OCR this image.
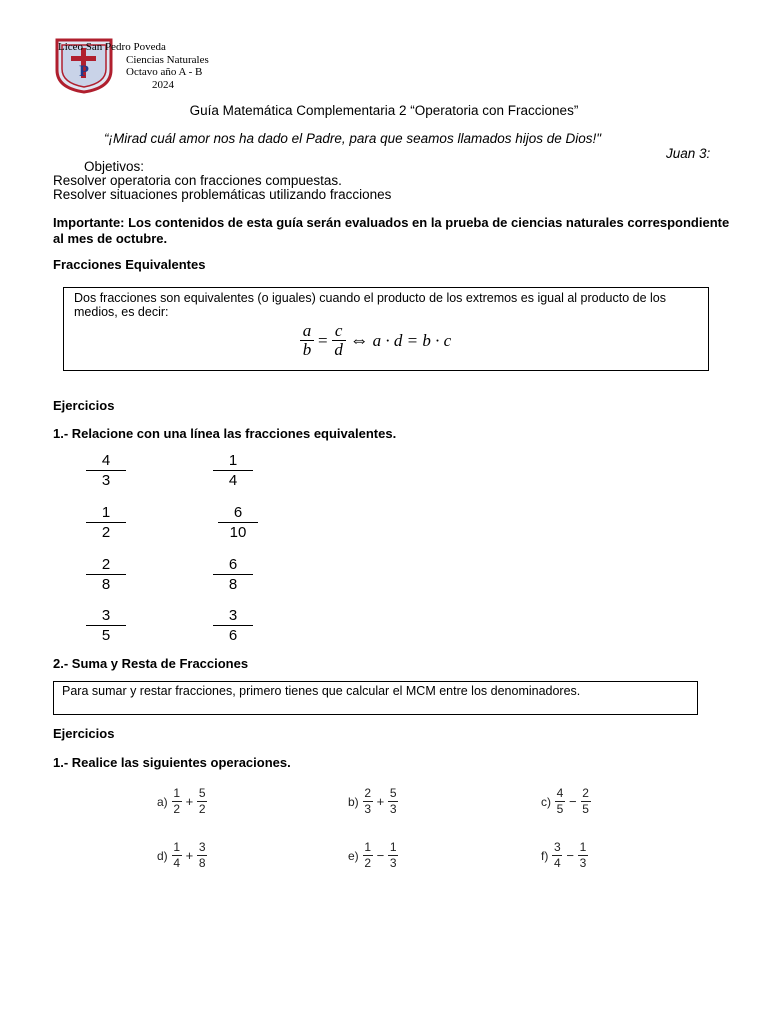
P
Liceo San Pedro Poveda
Ciencias Naturales
Octavo año A - B
2024
Guía Matemática Complementaria 2 “Operatoria con Fracciones”
“¡Mirad cuál amor nos ha dado el Padre, para que seamos llamados hijos de Dios!"
Juan 3:
Objetivos:
Resolver operatoria con fracciones compuestas.
Resolver situaciones problemáticas utilizando fracciones
Importante: Los contenidos de esta guía serán evaluados en la prueba de ciencias naturales correspondiente al mes de octubre.
Fracciones Equivalentes
Dos fracciones son equivalentes (o iguales) cuando el producto de los extremos es igual al producto de los medios, es decir:
$\frac{a}{b} = \frac{c}{d}$ ⇔ a · d = b · c
Ejercicios
1.- Relacione con una línea las fracciones equivalentes.
4
3
1
2
2
8
3
5
1
4
6
10
6
8
3
6
2.- Suma y Resta de Fracciones
Para sumar y restar fracciones, primero tienes que calcular el MCM entre los denominadores.
Ejercicios
1.- Realice las siguientes operaciones.
a)
1
2 +
5
2
b)
2
3 +
5
3
c)
4
5 −
2
5
d)
1
4 +
3
8
e)
1
2 −
1
3
f)
3
4 −
1
3
